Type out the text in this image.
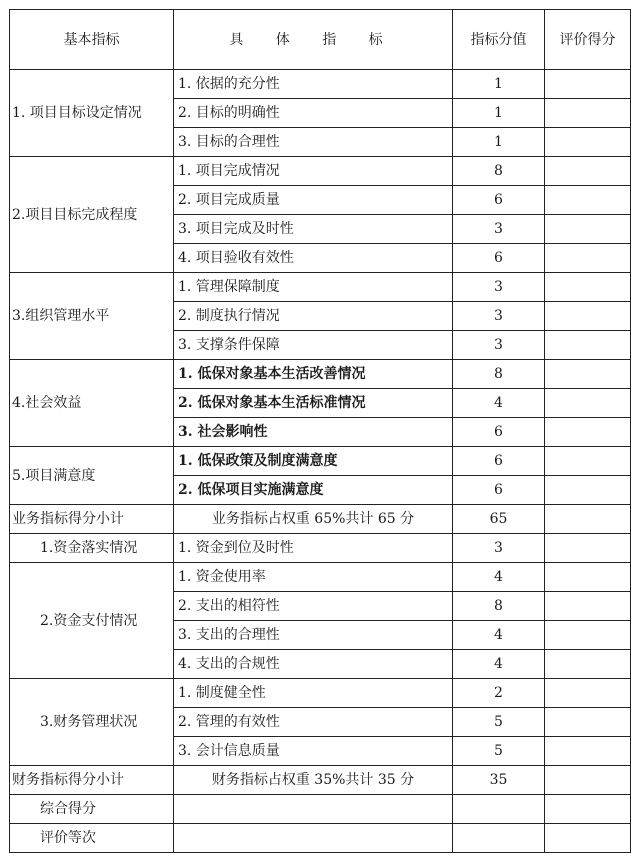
基本指标	具 体 指 标	指标分值	评价得分
1. 项目目标设定情况	1. 依据的充分性	1	
	2. 目标的明确性	1	
	3. 目标的合理性	1	
2.项目目标完成程度	1. 项目完成情况	8	
	2. 项目完成质量	6	
	3. 项目完成及时性	3	
	4. 项目验收有效性	6	
3.组织管理水平	1. 管理保障制度	3	
	2. 制度执行情况	3	
	3. 支撑条件保障	3	
4.社会效益	1. 低保对象基本生活改善情况	8	
	2. 低保对象基本生活标准情况	4	
	3. 社会影响性	6	
5.项目满意度	1. 低保政策及制度满意度	6	
	2. 低保项目实施满意度	6	
业务指标得分小计	业务指标占权重 65%共计 65 分	65	
1.资金落实情况	1. 资金到位及时性	3	
2.资金支付情况	1. 资金使用率	4	
	2. 支出的相符性	8	
	3. 支出的合理性	4	
	4. 支出的合规性	4	
3.财务管理状况	1. 制度健全性	2	
	2. 管理的有效性	5	
	3. 会计信息质量	5	
财务指标得分小计	财务指标占权重 35%共计 35 分	35	
综合得分			
评价等次			
